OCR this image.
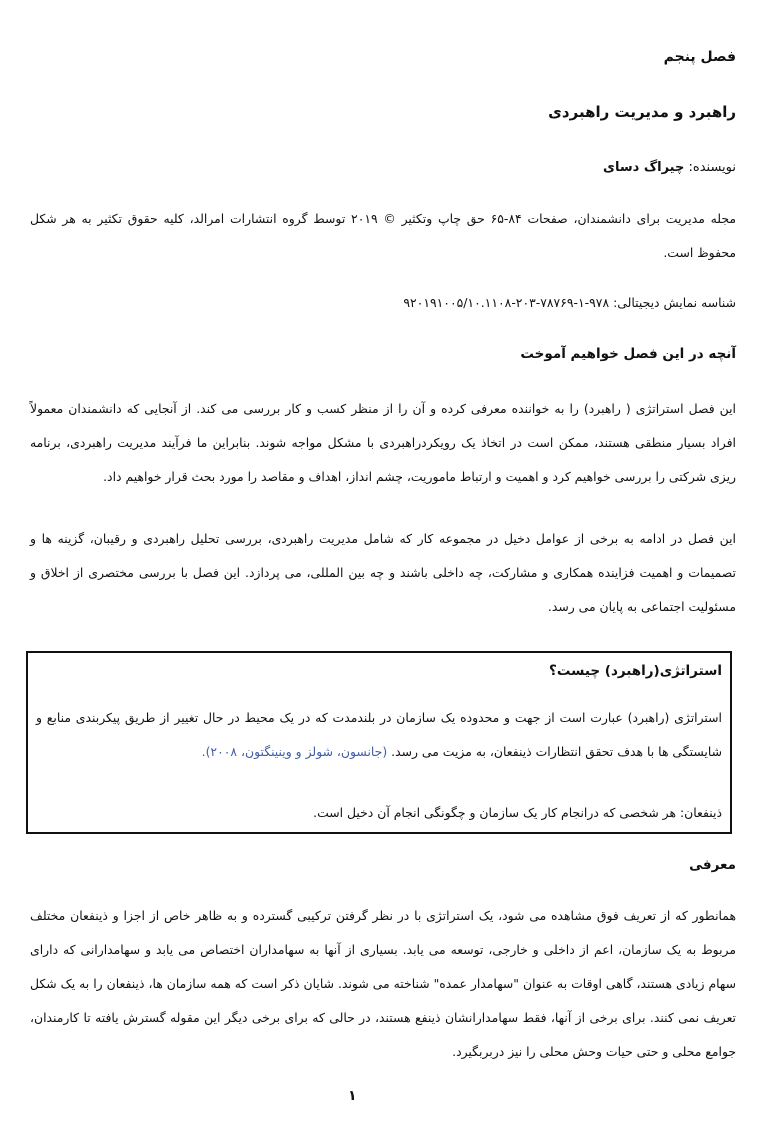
فصل پنجم
راهبرد و مدیریت راهبردی
نویسنده: چیراگ دسای

مجله مدیریت برای دانشمندان، صفحات ۸۴-۶۵ حق چاپ وتکثیر © ۲۰۱۹ توسط گروه انتشارات امرالد، کلیه حقوق تکثیر به هر شکل محفوظ است.

شناسه نمایش دیجیتالی: ۹۷۸-۱-۷۸۷۶۹-۲۰۳-۹۲۰۱۹۱۰۰۵/۱۰.۱۱۰۸

آنچه در این فصل خواهیم آموخت

این فصل استراتژی ( راهبرد) را به خواننده معرفی کرده و آن را از منظر کسب و کار بررسی می کند. از آنجایی که دانشمندان معمولاً افراد بسیار منطقی هستند، ممکن است در اتخاذ یک رویکردراهبردی با مشکل مواجه شوند. بنابراین ما فرآیند مدیریت راهبردی، برنامه ریزی شرکتی را بررسی خواهیم کرد و اهمیت و ارتباط ماموریت، چشم انداز، اهداف و مقاصد را مورد بحث قرار خواهیم داد.

این فصل در ادامه به برخی از عوامل دخیل در مجموعه کار که شامل مدیریت راهبردی، بررسی تحلیل راهبردی و رقیبان، گزینه ها و تصمیمات و اهمیت فزاینده همکاری و مشارکت، چه داخلی باشند و چه بین المللی، می پردازد. این فصل با بررسی مختصری از اخلاق و مسئولیت اجتماعی به پایان می رسد.

استراتژی(راهبرد) چیست؟

استراتژی (راهبرد) عبارت است از جهت و محدوده یک سازمان در بلندمدت که در یک محیط در حال تغییر از طریق پیکربندی منابع و شایستگی ها با هدف تحقق انتظارات ذینفعان، به مزیت می رسد. (جانسون، شولز و وینینگتون، ۲۰۰۸).

ذینفعان: هر شخصی که درانجام کار یک سازمان و چگونگی انجام آن دخیل است.

معرفی

همانطور که از تعریف فوق مشاهده می شود، یک استراتژی با در نظر گرفتن ترکیبی گسترده و به ظاهر خاص از اجزا و ذینفعان مختلف مربوط به یک سازمان، اعم از داخلی و خارجی، توسعه می یابد. بسیاری از آنها به سهامداران اختصاص می یابد و سهامدارانی که دارای سهام زیادی هستند، گاهی اوقات به عنوان "سهامدار عمده" شناخته می شوند. شایان ذکر است که همه سازمان ها، ذینفعان را به یک شکل تعریف نمی کنند. برای برخی از آنها، فقط سهامدارانشان ذینفع هستند، در حالی که برای برخی دیگر این مقوله گسترش یافته تا کارمندان، جوامع محلی و حتی حیات وحش محلی را نیز دربربگیرد.

۱
